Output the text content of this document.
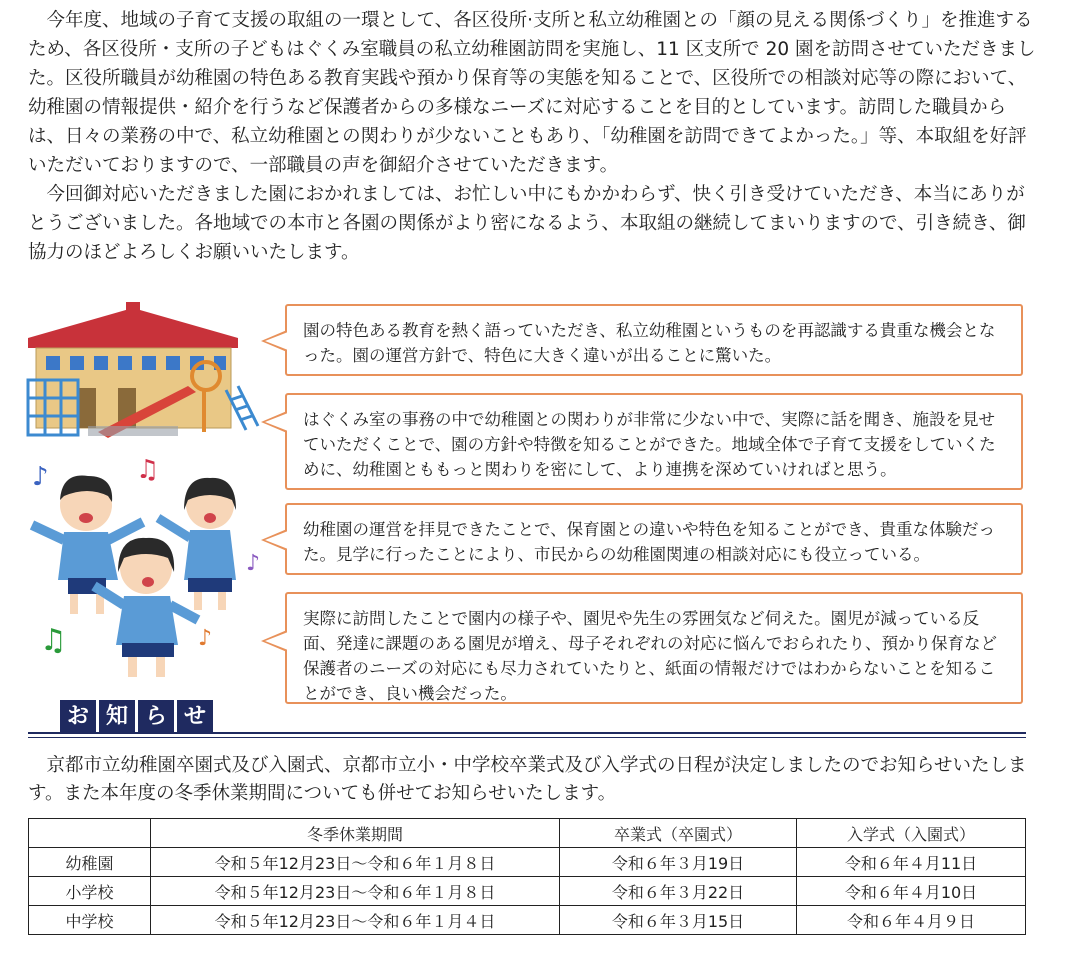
今年度、地域の子育て支援の取組の一環として、各区役所·支所と私立幼稚園との「顔の見える関係づくり」を推進するため、各区役所・支所の子どもはぐくみ室職員の私立幼稚園訪問を実施し、11 区支所で 20 園を訪問させていただきました。区役所職員が幼稚園の特色ある教育実践や預かり保育等の実態を知ることで、区役所での相談対応等の際において、幼稚園の情報提供・紹介を行うなど保護者からの多様なニーズに対応することを目的としています。訪問した職員からは、日々の業務の中で、私立幼稚園との関わりが少ないこともあり、「幼稚園を訪問できてよかった。」等、本取組を好評いただいておりますので、一部職員の声を御紹介させていただきます。

今回御対応いただきました園におかれましては、お忙しい中にもかかわらず、快く引き受けていただき、本当にありがとうございました。各地域での本市と各園の関係がより密になるよう、本取組の継続してまいりますので、引き続き、御協力のほどよろしくお願いいたします。

♪	♫
♪
♫	♪
園の特色ある教育を熱く語っていただき、私立幼稚園というものを再認識する貴重な機会となった。園の運営方針で、特色に大きく違いが出ることに驚いた。
はぐくみ室の事務の中で幼稚園との関わりが非常に少ない中で、実際に話を聞き、施設を見せていただくことで、園の方針や特徴を知ることができた。地域全体で子育て支援をしていくために、幼稚園とももっと関わりを密にして、より連携を深めていければと思う。
幼稚園の運営を拝見できたことで、保育園との違いや特色を知ることができ、貴重な体験だった。見学に行ったことにより、市民からの幼稚園関連の相談対応にも役立っている。
実際に訪問したことで園内の様子や、園児や先生の雰囲気など伺えた。園児が減っている反面、発達に課題のある園児が増え、母子それぞれの対応に悩んでおられたり、預かり保育など保護者のニーズの対応にも尽力されていたりと、紙面の情報だけではわからないことを知ることができ、良い機会だった。
お 知 ら せ

京都市立幼稚園卒園式及び入園式、京都市立小・中学校卒業式及び入学式の日程が決定しましたのでお知らせいたします。また本年度の冬季休業期間についても併せてお知らせいたします。

	冬季休業期間	卒業式（卒園式）	入学式（入園式）
幼稚園	令和５年12月23日～令和６年１月８日	令和６年３月19日	令和６年４月11日
小学校	令和５年12月23日～令和６年１月８日	令和６年３月22日	令和６年４月10日
中学校	令和５年12月23日～令和６年１月４日	令和６年３月15日	令和６年４月９日
